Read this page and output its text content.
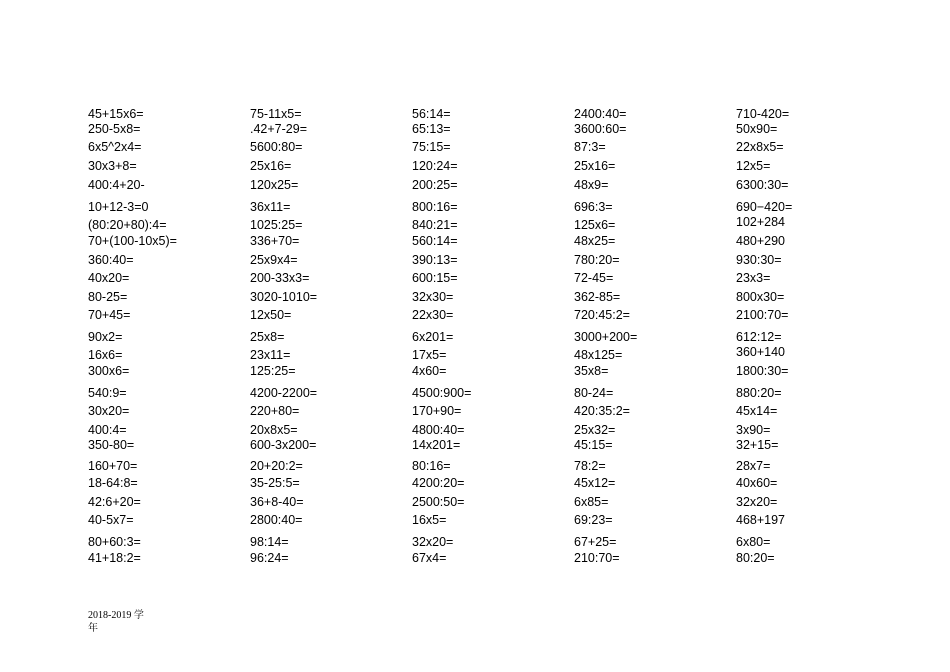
45+15x6=
250-5x8=
6x5^2x4=
30x3+8=
400:4+20-
10+12-3=0
(80:20+80):4=
70+(100-10x5)=
360:40=
40x20=
80-25=
70+45=
90x2=
16x6=
300x6=
540:9=
30x20=
400:4=
350-80=
160+70=
18-64:8=
42:6+20=
40-5x7=
80+60:3=
41+18:2=
75-11x5=
.42+7-29=
5600:80=
25x16=
120x25=
36x11=
1025:25=
336+70=
25x9x4=
200-33x3=
3020-1010=
12x50=
25x8=
23x11=
125:25=
4200-2200=
220+80=
20x8x5=
600-3x200=
20+20:2=
35-25:5=
36+8-40=
2800:40=
98:14=
96:24=
56:14=
65:13=
75:15=
120:24=
200:25=
800:16=
840:21=
560:14=
390:13=
600:15=
32x30=
22x30=
6x201=
17x5=
4x60=
4500:900=
170+90=
4800:40=
14x201=
80:16=
4200:20=
2500:50=
16x5=
32x20=
67x4=
2400:40=
3600:60=
87:3=
25x16=
48x9=
696:3=
125x6=
48x25=
780:20=
72-45=
362-85=
720:45:2=
3000+200=
48x125=
35x8=
80-24=
420:35:2=
25x32=
45:15=
78:2=
45x12=
6x85=
69:23=
67+25=
210:70=
710-420=
50x90=
22x8x5=
12x5=
6300:30=
690−420=
102+284
480+290
930:30=
23x3=
800x30=
2100:70=
612:12=
360+140
1800:30=
880:20=
45x14=
3x90=
32+15=
28x7=
40x60=
32x20=
468+197
6x80=
80:20=
2018-2019 学年
